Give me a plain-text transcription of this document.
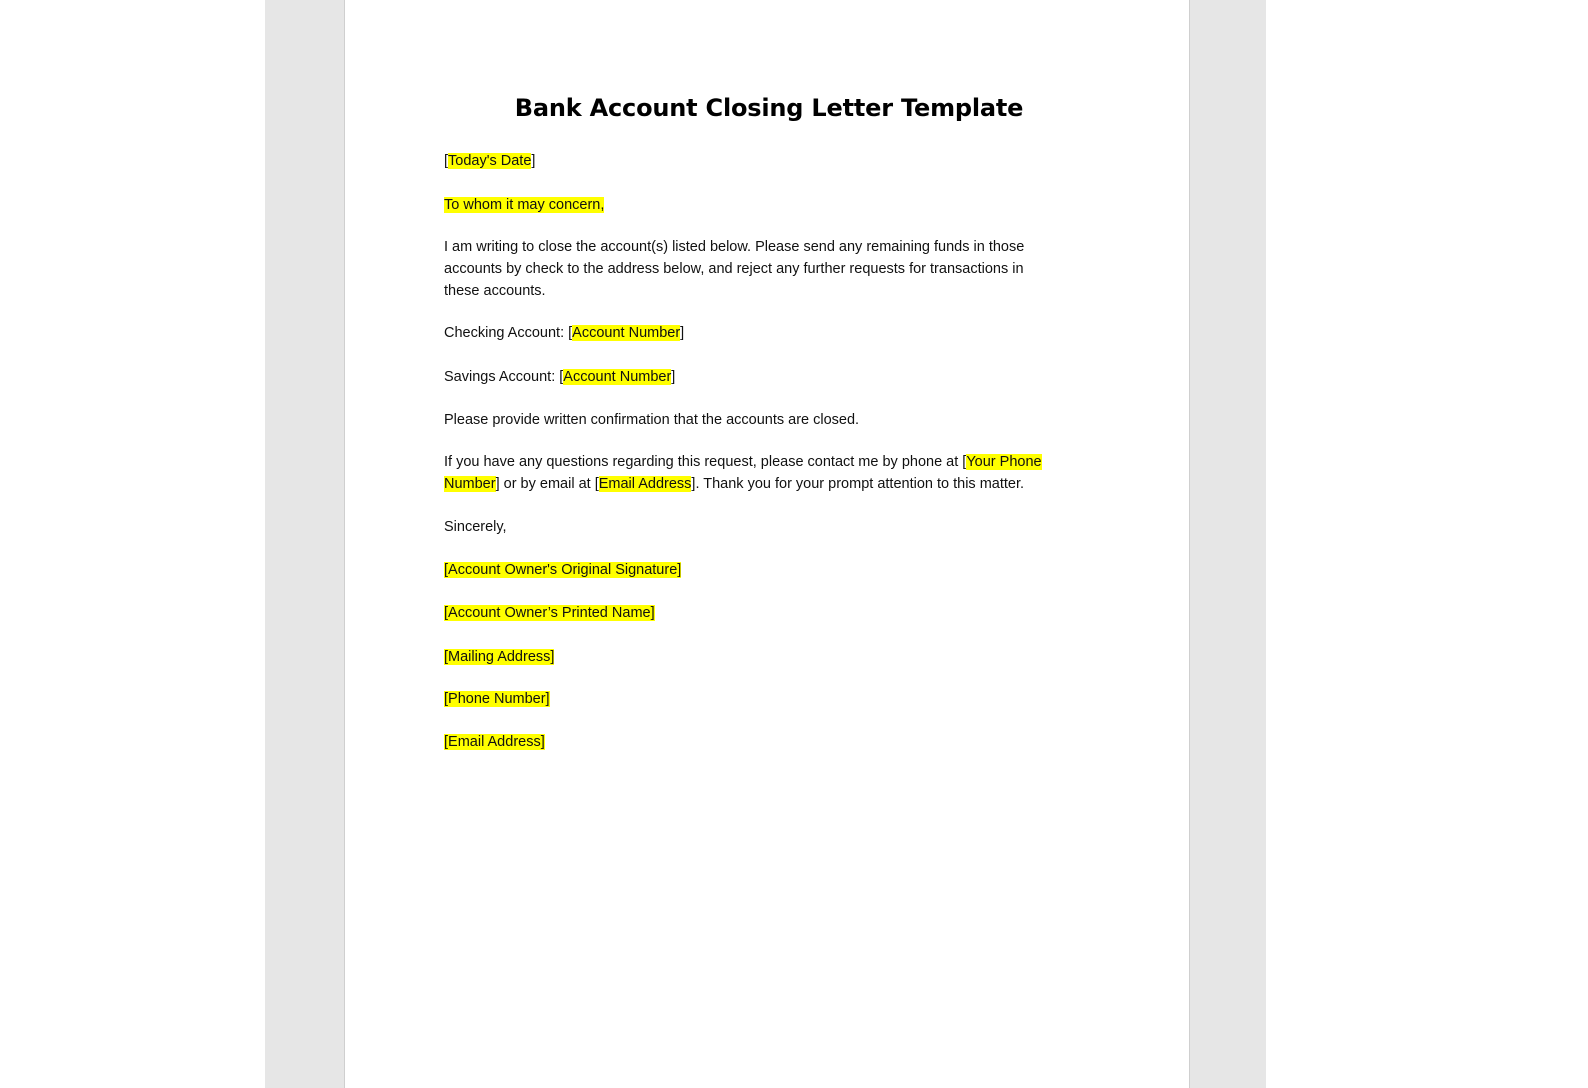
Bank Account Closing Letter Template
[Today's Date]
To whom it may concern,
I am writing to close the account(s) listed below. Please send any remaining funds in those
accounts by check to the address below, and reject any further requests for transactions in
these accounts.
Checking Account: [Account Number]
Savings Account: [Account Number]
Please provide written confirmation that the accounts are closed.
If you have any questions regarding this request, please contact me by phone at [Your Phone
Number] or by email at [Email Address]. Thank you for your prompt attention to this matter.
Sincerely,
[Account Owner's Original Signature]
[Account Owner’s Printed Name]
[Mailing Address]
[Phone Number]
[Email Address]
